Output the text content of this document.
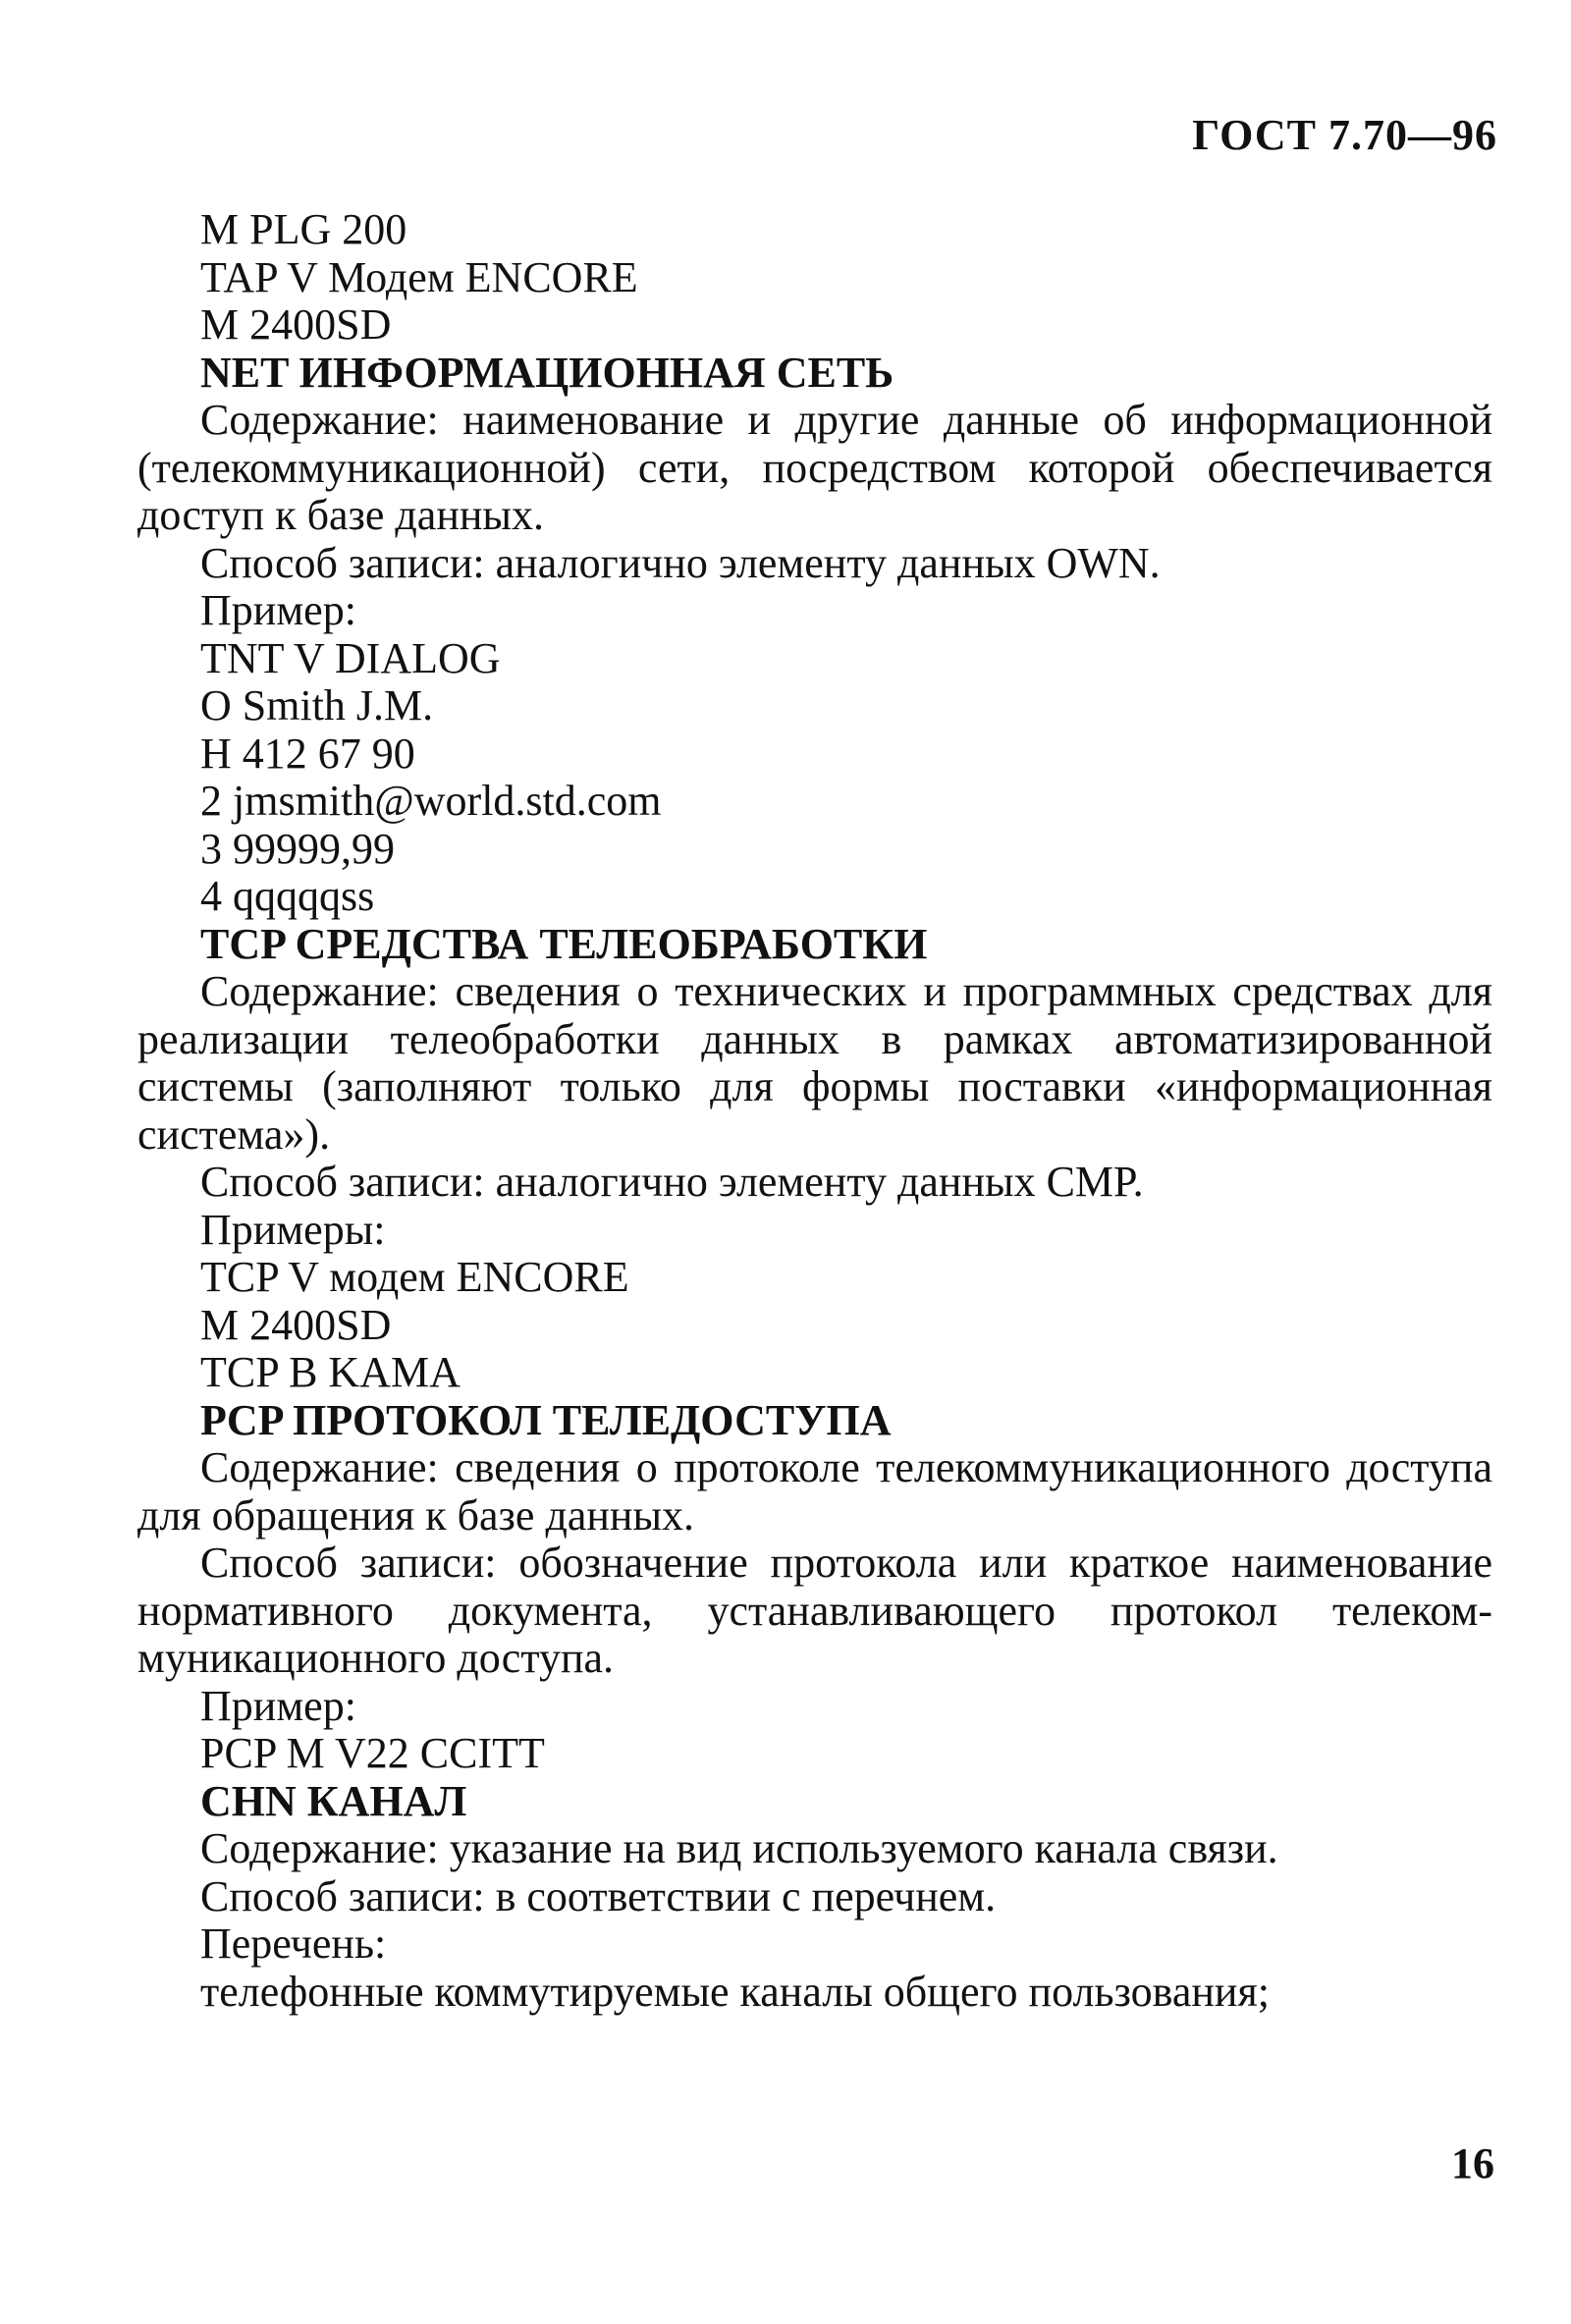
ГОСТ 7.70—96
M PLG 200
TAP V Модем ENCORE
M 2400SD
NET ИНФОРМАЦИОННАЯ СЕТЬ

Содержание: наименование и другие данные об информационной (телекоммуникационной) сети, посредством которой обеспечивается доступ к базе данных.

Способ записи: аналогично элементу данных OWN.
Пример:
TNT V DIALOG
O Smith J.M.
H 412 67 90
2 jmsmith@world.std.com
3 99999,99
4 qqqqqss
TCP СРЕДСТВА ТЕЛЕОБРАБОТКИ

Содержание: сведения о технических и программных средствах для реализации телеобработки данных в рамках автоматизированной системы (заполняют только для формы поставки «информационная система»).

Способ записи: аналогично элементу данных CMP.
Примеры:
TCP V модем ENCORE
M 2400SD
TCP B KAMA
PCP ПРОТОКОЛ ТЕЛЕДОСТУПА

Содержание: сведения о протоколе телекоммуникационного доступа для обращения к базе данных.

Способ записи: обозначение протокола или краткое наименование нормативного документа, устанавливающего протокол телекоммуникационного доступа.

Пример:
PCP M V22 CCITT
CHN КАНАЛ
Содержание: указание на вид используемого канала связи.
Способ записи: в соответствии с перечнем.
Перечень:
телефонные коммутируемые каналы общего пользования;
16
